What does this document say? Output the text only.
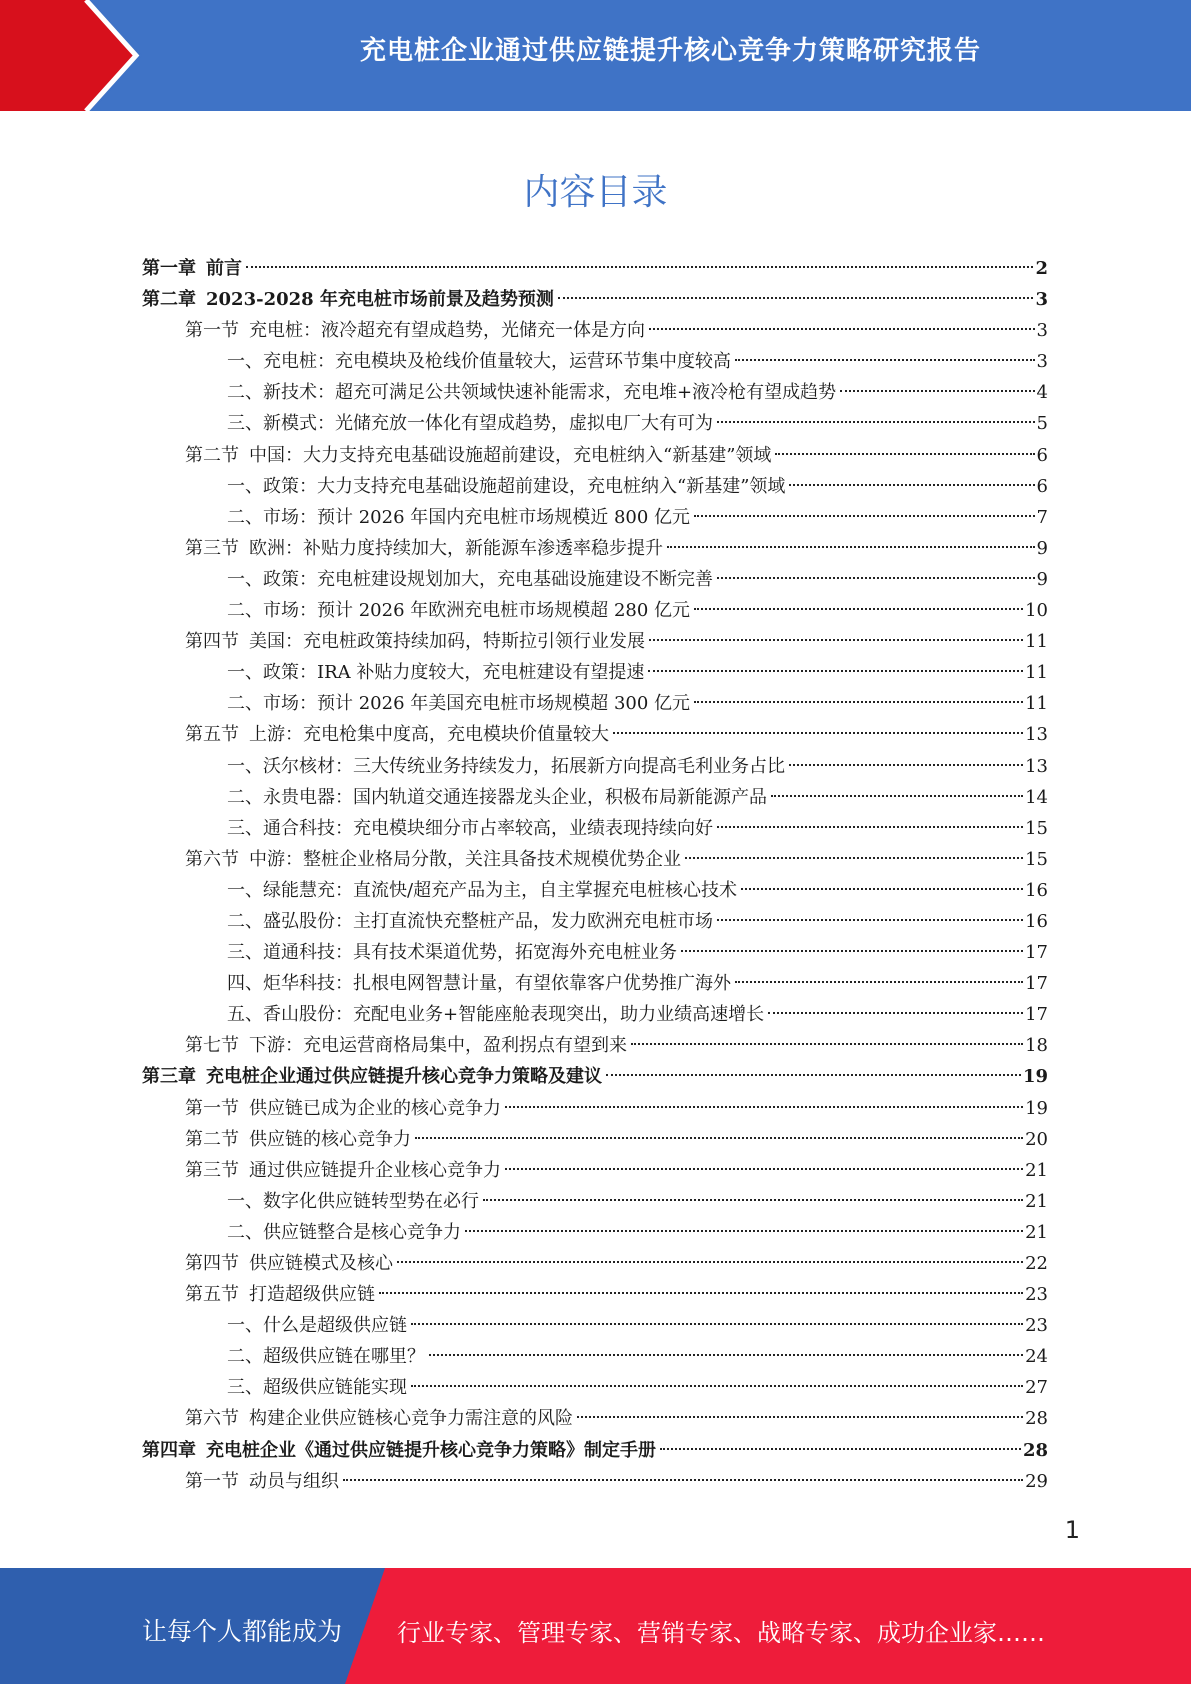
充电桩企业通过供应链提升核心竞争力策略研究报告
内容目录
第一章 前言	2
第二章 2023-2028 年充电桩市场前景及趋势预测	3
第一节 充电桩：液冷超充有望成趋势，光储充一体是方向	3
一、充电桩：充电模块及枪线价值量较大，运营环节集中度较高	3
二、新技术：超充可满足公共领域快速补能需求，充电堆+液冷枪有望成趋势	4
三、新模式：光储充放一体化有望成趋势，虚拟电厂大有可为	5
第二节 中国：大力支持充电基础设施超前建设，充电桩纳入“新基建”领域	6
一、政策：大力支持充电基础设施超前建设，充电桩纳入“新基建”领域	6
二、市场：预计 2026 年国内充电桩市场规模近 800 亿元	7
第三节 欧洲：补贴力度持续加大，新能源车渗透率稳步提升	9
一、政策：充电桩建设规划加大，充电基础设施建设不断完善	9
二、市场：预计 2026 年欧洲充电桩市场规模超 280 亿元	10
第四节 美国：充电桩政策持续加码，特斯拉引领行业发展	11
一、政策：IRA 补贴力度较大，充电桩建设有望提速	11
二、市场：预计 2026 年美国充电桩市场规模超 300 亿元	11
第五节 上游：充电枪集中度高，充电模块价值量较大	13
一、沃尔核材：三大传统业务持续发力，拓展新方向提高毛利业务占比	13
二、永贵电器：国内轨道交通连接器龙头企业，积极布局新能源产品	14
三、通合科技：充电模块细分市占率较高，业绩表现持续向好	15
第六节 中游：整桩企业格局分散，关注具备技术规模优势企业	15
一、绿能慧充：直流快/超充产品为主，自主掌握充电桩核心技术	16
二、盛弘股份：主打直流快充整桩产品，发力欧洲充电桩市场	16
三、道通科技：具有技术渠道优势，拓宽海外充电桩业务	17
四、炬华科技：扎根电网智慧计量，有望依靠客户优势推广海外	17
五、香山股份：充配电业务+智能座舱表现突出，助力业绩高速增长	17
第七节 下游：充电运营商格局集中，盈利拐点有望到来	18
第三章 充电桩企业通过供应链提升核心竞争力策略及建议	19
第一节 供应链已成为企业的核心竞争力	19
第二节 供应链的核心竞争力	20
第三节 通过供应链提升企业核心竞争力	21
一、数字化供应链转型势在必行	21
二、供应链整合是核心竞争力	21
第四节 供应链模式及核心	22
第五节 打造超级供应链	23
一、什么是超级供应链	23
二、超级供应链在哪里？	24
三、超级供应链能实现	27
第六节 构建企业供应链核心竞争力需注意的风险	28
第四章 充电桩企业《通过供应链提升核心竞争力策略》制定手册	28
第一节 动员与组织	29
1
让每个人都能成为 行业专家、管理专家、营销专家、战略专家、成功企业家……
